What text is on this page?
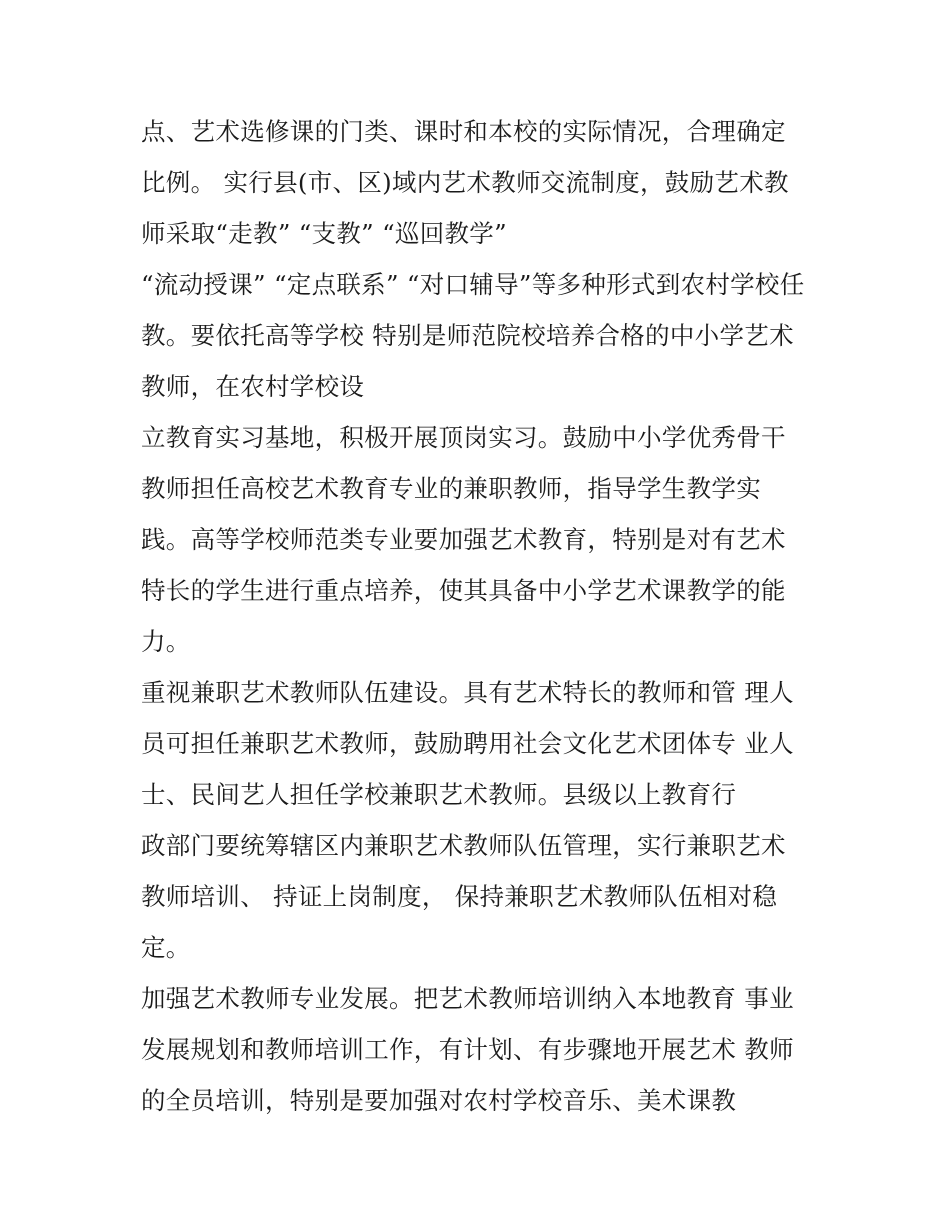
点、艺术选修课的门类、课时和本校的实际情况，合理确定
比例。 实行县(市、区)域内艺术教师交流制度，鼓励艺术教
师采取“走教” “支教” “巡回教学”
“流动授课” “定点联系” “对口辅导”等多种形式到农村学校任
教。要依托高等学校 特别是师范院校培养合格的中小学艺术
教师，在农村学校设
立教育实习基地，积极开展顶岗实习。鼓励中小学优秀骨干
教师担任高校艺术教育专业的兼职教师，指导学生教学实
践。高等学校师范类专业要加强艺术教育，特别是对有艺术
特长的学生进行重点培养，使其具备中小学艺术课教学的能
力。
重视兼职艺术教师队伍建设。具有艺术特长的教师和管 理人
员可担任兼职艺术教师，鼓励聘用社会文化艺术团体专 业人
士、民间艺人担任学校兼职艺术教师。县级以上教育行
政部门要统筹辖区内兼职艺术教师队伍管理，实行兼职艺术
教师培训、 持证上岗制度， 保持兼职艺术教师队伍相对稳
定。
加强艺术教师专业发展。把艺术教师培训纳入本地教育 事业
发展规划和教师培训工作，有计划、有步骤地开展艺术 教师
的全员培训，特别是要加强对农村学校音乐、美术课教
